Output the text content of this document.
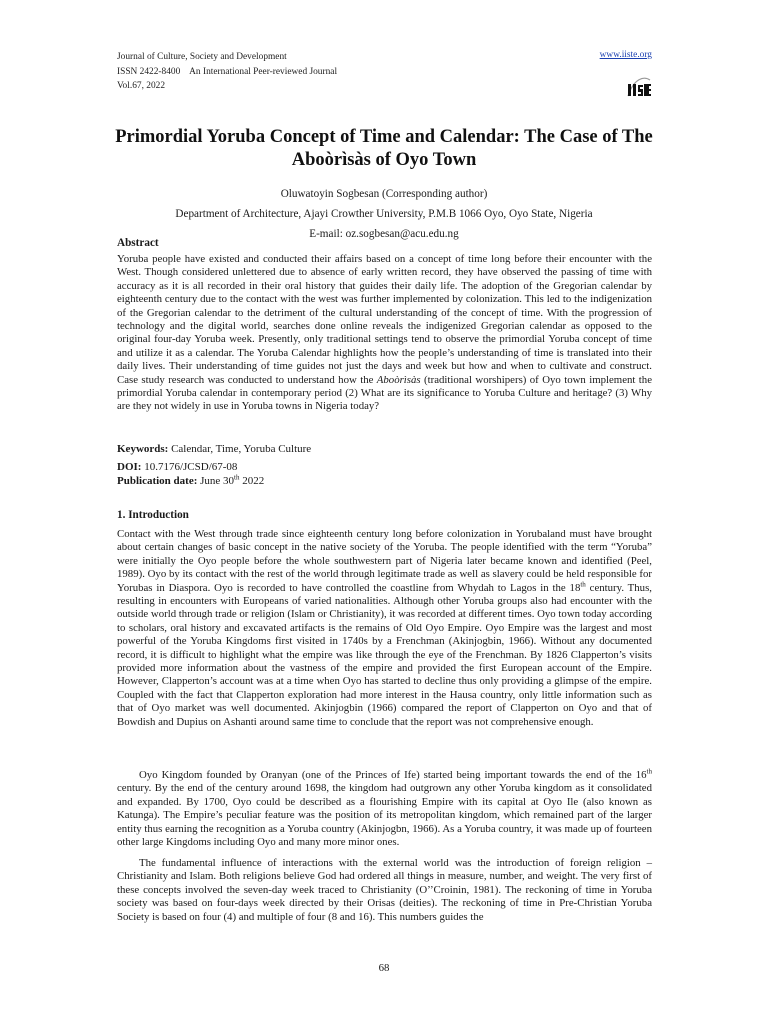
Journal of Culture, Society and Development
ISSN 2422-8400    An International Peer-reviewed Journal
Vol.67, 2022
www.iiste.org
Primordial Yoruba Concept of Time and Calendar: The Case of The Aboòrìsàs of Oyo Town
Oluwatoyin Sogbesan (Corresponding author)
Department of Architecture, Ajayi Crowther University, P.M.B 1066 Oyo, Oyo State, Nigeria
E-mail: oz.sogbesan@acu.edu.ng
Abstract
Yoruba people have existed and conducted their affairs based on a concept of time long before their encounter with the West. Though considered unlettered due to absence of early written record, they have observed the passing of time with accuracy as it is all recorded in their oral history that guides their daily life. The adoption of the Gregorian calendar by eighteenth century due to the contact with the west was further implemented by colonization. This led to the indigenization of the Gregorian calendar to the detriment of the cultural understanding of the concept of time. With the progression of technology and the digital world, searches done online reveals the indigenized Gregorian calendar as opposed to the original four-day Yoruba week. Presently, only traditional settings tend to observe the primordial Yoruba concept of time and utilize it as a calendar. The Yoruba Calendar highlights how the people’s understanding of time is translated into their daily lives. Their understanding of time guides not just the days and week but how and when to cultivate and construct. Case study research was conducted to understand how the Aboòrìsàs (traditional worshipers) of Oyo town implement the primordial Yoruba calendar in contemporary period (2) What are its significance to Yoruba Culture and heritage? (3) Why are they not widely in use in Yoruba towns in Nigeria today?
Keywords: Calendar, Time, Yoruba Culture
DOI: 10.7176/JCSD/67-08
Publication date: June 30th 2022
1. Introduction
Contact with the West through trade since eighteenth century long before colonization in Yorubaland must have brought about certain changes of basic concept in the native society of the Yoruba. The people identified with the term “Yoruba” were initially the Oyo people before the whole southwestern part of Nigeria later became known and identified (Peel, 1989). Oyo by its contact with the rest of the world through legitimate trade as well as slavery could be held responsible for Yorubas in Diaspora. Oyo is recorded to have controlled the coastline from Whydah to Lagos in the 18th century. Thus, resulting in encounters with Europeans of varied nationalities. Although other Yoruba groups also had encounter with the outside world through trade or religion (Islam or Christianity), it was recorded at different times. Oyo town today according to scholars, oral history and excavated artifacts is the remains of Old Oyo Empire. Oyo Empire was the largest and most powerful of the Yoruba Kingdoms first visited in 1740s by a Frenchman (Akinjogbin, 1966). Without any documented record, it is difficult to highlight what the empire was like through the eye of the Frenchman. By 1826 Clapperton’s visits provided more information about the vastness of the empire and provided the first European account of the Empire. However, Clapperton’s account was at a time when Oyo has started to decline thus only providing a glimpse of the empire. Coupled with the fact that Clapperton exploration had more interest in the Hausa country, only little information such as that of Oyo market was well documented. Akinjogbin (1966) compared the report of Clapperton on Oyo and that of Bowdish and Dupius on Ashanti around same time to conclude that the report was not comprehensive enough.
Oyo Kingdom founded by Oranyan (one of the Princes of Ife) started being important towards the end of the 16th century. By the end of the century around 1698, the kingdom had outgrown any other Yoruba kingdom as it consolidated and expanded. By 1700, Oyo could be described as a flourishing Empire with its capital at Oyo Ile (also known as Katunga). The Empire’s peculiar feature was the position of its metropolitan kingdom, which remained part of the larger entity thus earning the recognition as a Yoruba country (Akinjogbn, 1966). As a Yoruba country, it was made up of fourteen other large Kingdoms including Oyo and many more minor ones.
The fundamental influence of interactions with the external world was the introduction of foreign religion – Christianity and Islam. Both religions believe God had ordered all things in measure, number, and weight. The very first of these concepts involved the seven-day week traced to Christianity (O’’Croinin, 1981). The reckoning of time in Yoruba society was based on four-days week directed by their Orisas (deities). The reckoning of time in Pre-Christian Yoruba Society is based on four (4) and multiple of four (8 and 16). This numbers guides the
68
